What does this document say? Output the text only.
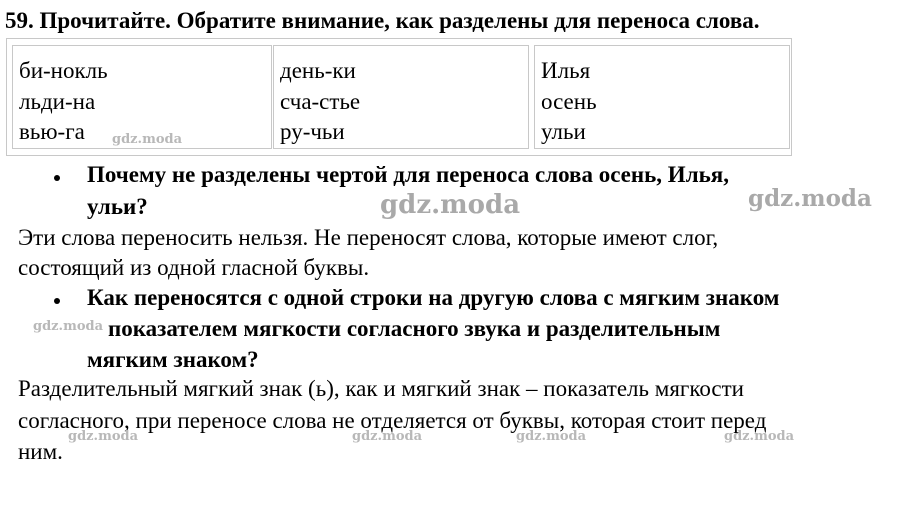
59. Прочитайте. Обратите внимание, как разделены для переноса слова.
би-нокль
льди-на
вью-га
день-ки
сча-стье
ру-чьи
Илья
осень
ульи
Почему не разделены чертой для переноса слова осень, Илья,
ульи?
Эти слова переносить нельзя. Не переносят слова, которые имеют слог,
состоящий из одной гласной буквы.
Как переносятся с одной строки на другую слова с мягким знаком
показателем мягкости согласного звука и разделительным
мягким знаком?
Разделительный мягкий знак (ь), как и мягкий знак – показатель мягкости
согласного, при переносе слова не отделяется от буквы, которая стоит перед
ним.
gdz.moda
gdz.moda	gdz.moda
gdz.moda
gdz.moda	gdz.moda	gdz.moda	gdz.moda
